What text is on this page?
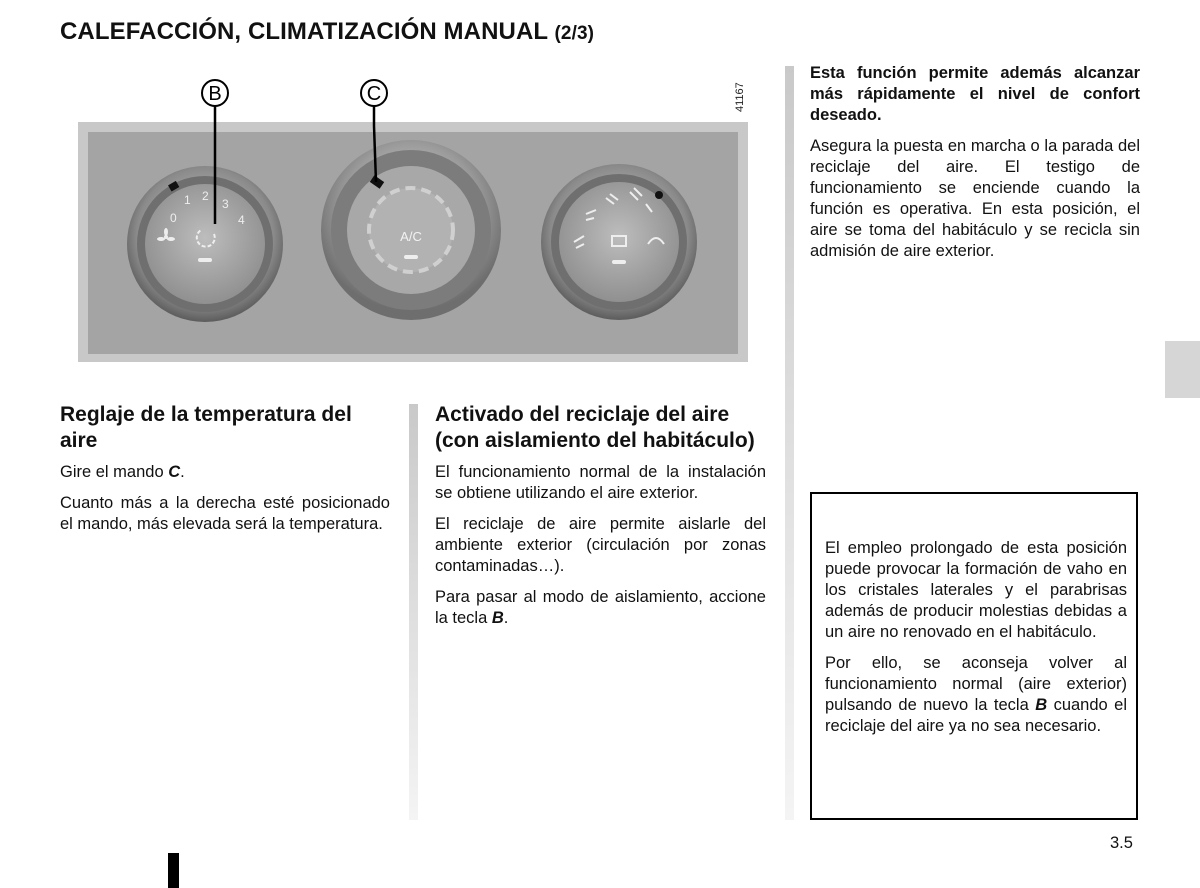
CALEFACCIÓN, CLIMATIZACIÓN MANUAL (2/3)
0
1 2
3
4
A/C
B	C	41167
Reglaje de la temperatura del aire

Gire el mando C.

Cuanto más a la derecha esté posicionado el mando, más elevada será la temperatura.

Activado del reciclaje del aire (con aislamiento del habitáculo)

El funcionamiento normal de la instalación se obtiene utilizando el aire exterior.

El reciclaje de aire permite aislarle del ambiente exterior (circulación por zonas contaminadas…).

Para pasar al modo de aislamiento, accione la tecla B.

Esta función permite además alcanzar más rápidamente el nivel de confort deseado.

Asegura la puesta en marcha o la parada del reciclaje del aire. El testigo de funcionamiento se enciende cuando la función es operativa. En esta posición, el aire se toma del habitáculo y se recicla sin admisión de aire exterior.

El empleo prolongado de esta posición puede provocar la formación de vaho en los cristales laterales y el parabrisas además de producir molestias debidas a un aire no renovado en el habitáculo.

Por ello, se aconseja volver al funcionamiento normal (aire exterior) pulsando de nuevo la tecla B cuando el reciclaje del aire ya no sea necesario.

3.5
